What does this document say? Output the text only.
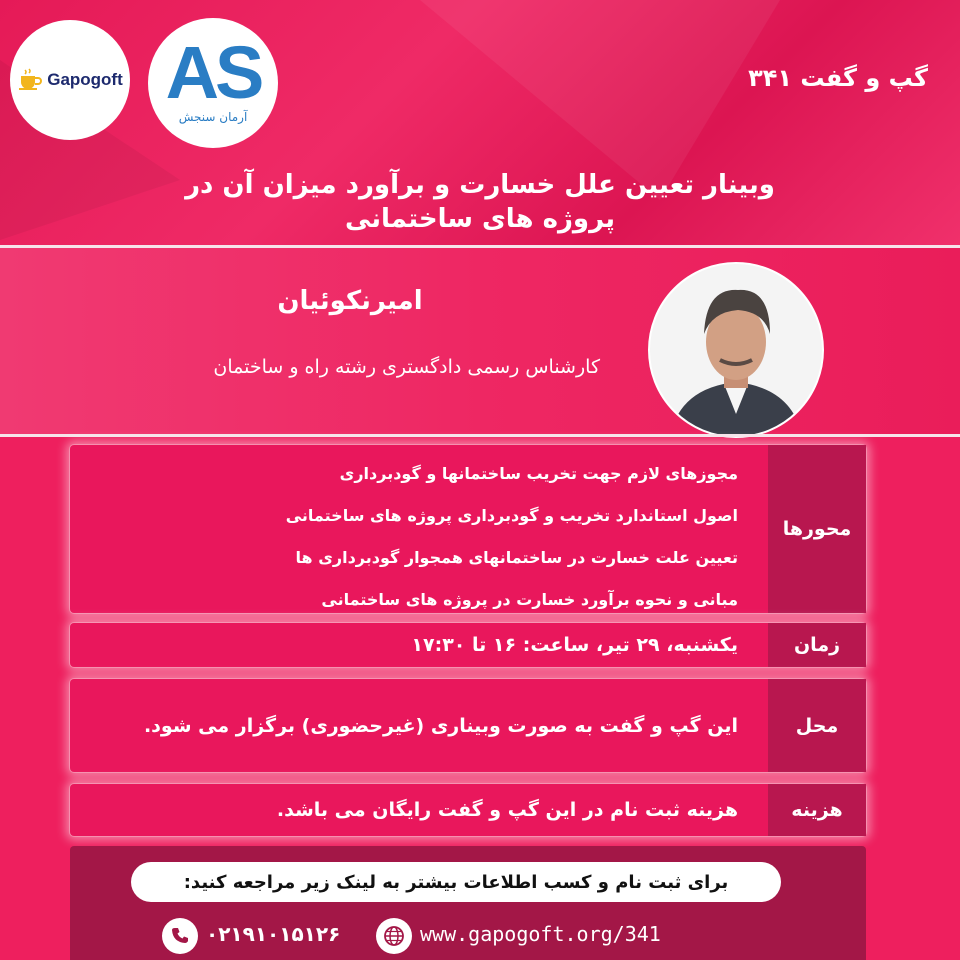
Gapogoft AS
آرمان سنجش
گپ و گفت ۳۴۱
وبینار تعیین علل خسارت و برآورد میزان آن در
پروژه های ساختمانی
امیرنکوئیان
کارشناس رسمی دادگستری رشته راه و ساختمان
محورها
مجوزهای لازم جهت تخریب ساختمانها و گودبرداری
اصول استاندارد تخریب و گودبرداری پروژه های ساختمانی
تعیین علت خسارت در ساختمانهای همجوار گودبرداری ها
مبانی و نحوه برآورد خسارت در پروژه های ساختمانی
زمان
یکشنبه، ۲۹ تیر، ساعت: ۱۶ تا ۱۷:۳۰
محل
این گپ و گفت به صورت وبیناری (غیرحضوری) برگزار می شود.
هزینه
هزینه ثبت نام در این گپ و گفت رایگان می باشد.
برای ثبت نام و کسب اطلاعات بیشتر به لینک زیر مراجعه کنید:
۰۲۱۹۱۰۱۵۱۲۶	www.gapogoft.org/341
